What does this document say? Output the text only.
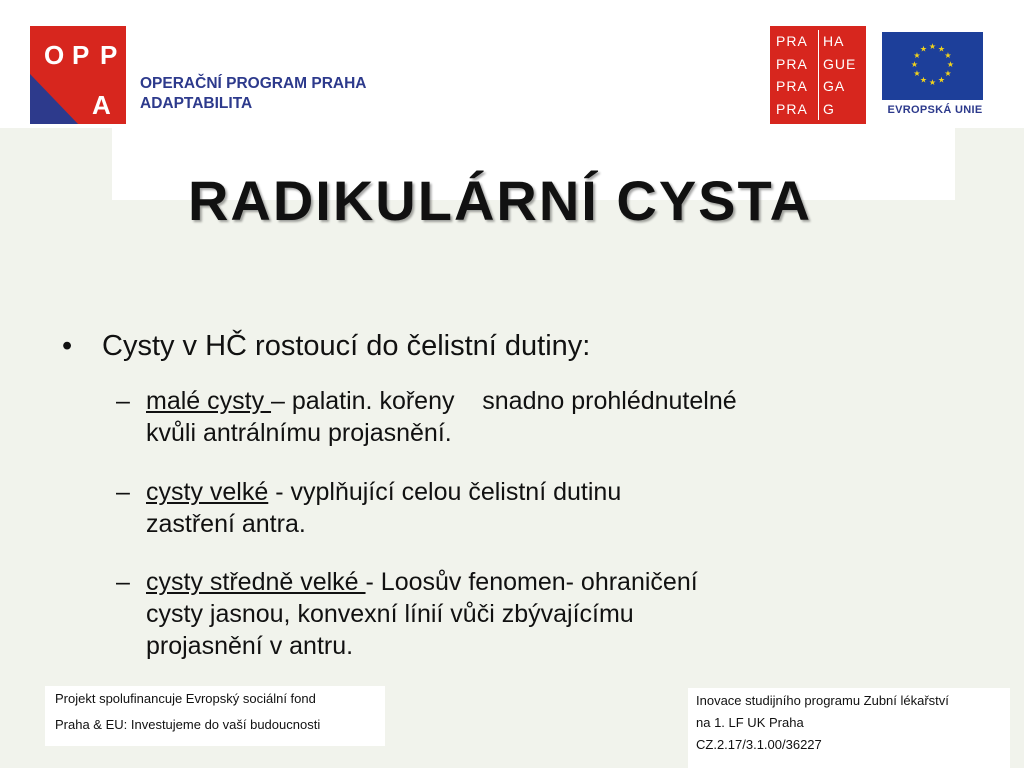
O P P
A
OPERAČNÍ PROGRAM PRAHA
ADAPTABILITA
PRA	HA
PRA	GUE
PRA	GA
PRA	G
★ ★
★
★
★
★
★
★
★
★
★
★
EVROPSKÁ UNIE
RADIKULÁRNÍ CYSTA
• Cysty v HČ rostoucí do čelistní dutiny:
– malé cysty – palatin. kořeny    snadno prohlédnutelné
kvůli antrálnímu projasnění.
– cysty velké - vyplňující celou čelistní dutinu
zastření antra.
– cysty středně velké - Loosův fenomen- ohraničení
cysty jasnou, konvexní línií vůči zbývajícímu
projasnění v antru.
Projekt spolufinancuje Evropský sociální fond
Praha & EU: Investujeme do vaší budoucnosti
Inovace studijního programu Zubní lékařství
na 1. LF UK Praha
CZ.2.17/3.1.00/36227
